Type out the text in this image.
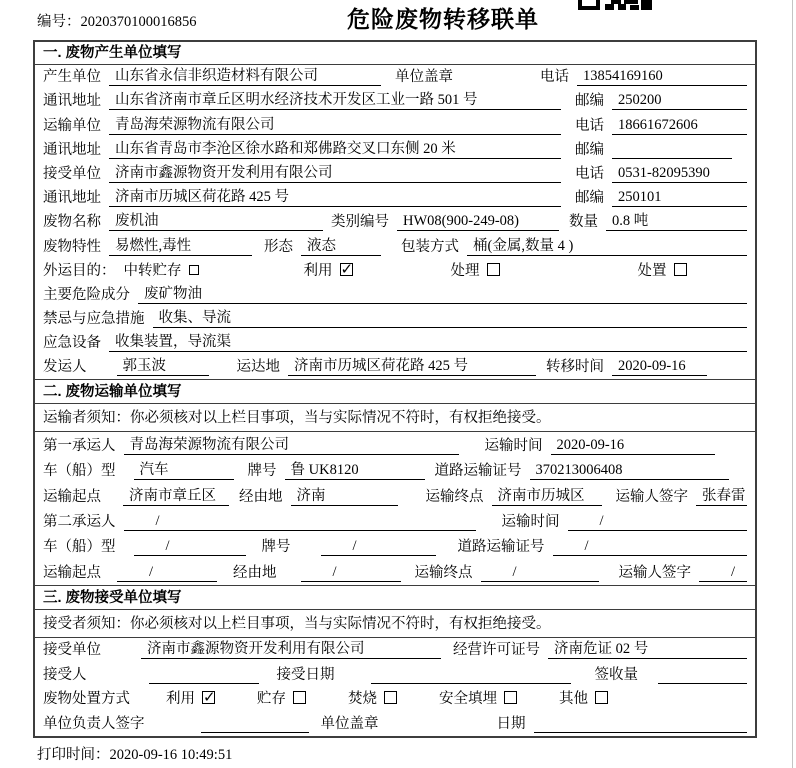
编号：2020370100016856	危险废物转移联单
一. 废物产生单位填写
产生单位 山东省永信非织造材料有限公司	单位盖章	电话 13854169160
通讯地址 山东省济南市章丘区明水经济技术开发区工业一路 501 号	邮编 250200
运输单位 青岛海荣源物流有限公司	电话 18661672606
通讯地址 山东省青岛市李沧区徐水路和郑佛路交叉口东侧 20 米	邮编
接受单位 济南市鑫源物资开发利用有限公司	电话 0531-82095390
通讯地址 济南市历城区荷花路 425 号	邮编 250101
废物名称 废机油	类别编号 HW08(900-249-08)	数量 0.8 吨
废物特性 易燃性,毒性	形态 液态	包装方式 桶(金属,数量 4 )
外运目的： 中转贮存	利用 ✓	处理	处置
主要危险成分 废矿物油
禁忌与应急措施 收集、导流
应急设备 收集装置，导流渠
发运人	郭玉波	运达地 济南市历城区荷花路 425 号	转移时间 2020-09-16
二. 废物运输单位填写
运输者须知：你必须核对以上栏目事项，当与实际情况不符时，有权拒绝接受。
第一承运人 青岛海荣源物流有限公司	运输时间 2020-09-16
车（船）型	汽车	牌号 鲁 UK8120	道路运输证号 370213006408
运输起点	济南市章丘区	经由地 济南	运输终点 济南市历城区	运输人签字 张春雷
第二承运人	/	运输时间	/
车（船）型	/	牌号	/	道路运输证号	/
运输起点	/	经由地	/	运输终点	/	运输人签字	/
三. 废物接受单位填写
接受者须知：你必须核对以上栏目事项，当与实际情况不符时，有权拒绝接受。
接受单位	济南市鑫源物资开发利用有限公司	经营许可证号 济南危证 02 号
接受人	接受日期	签收量
废物处置方式 利用 ✓	贮存	焚烧	安全填埋	其他
单位负责人签字	单位盖章	日期
打印时间：2020-09-16 10:49:51
